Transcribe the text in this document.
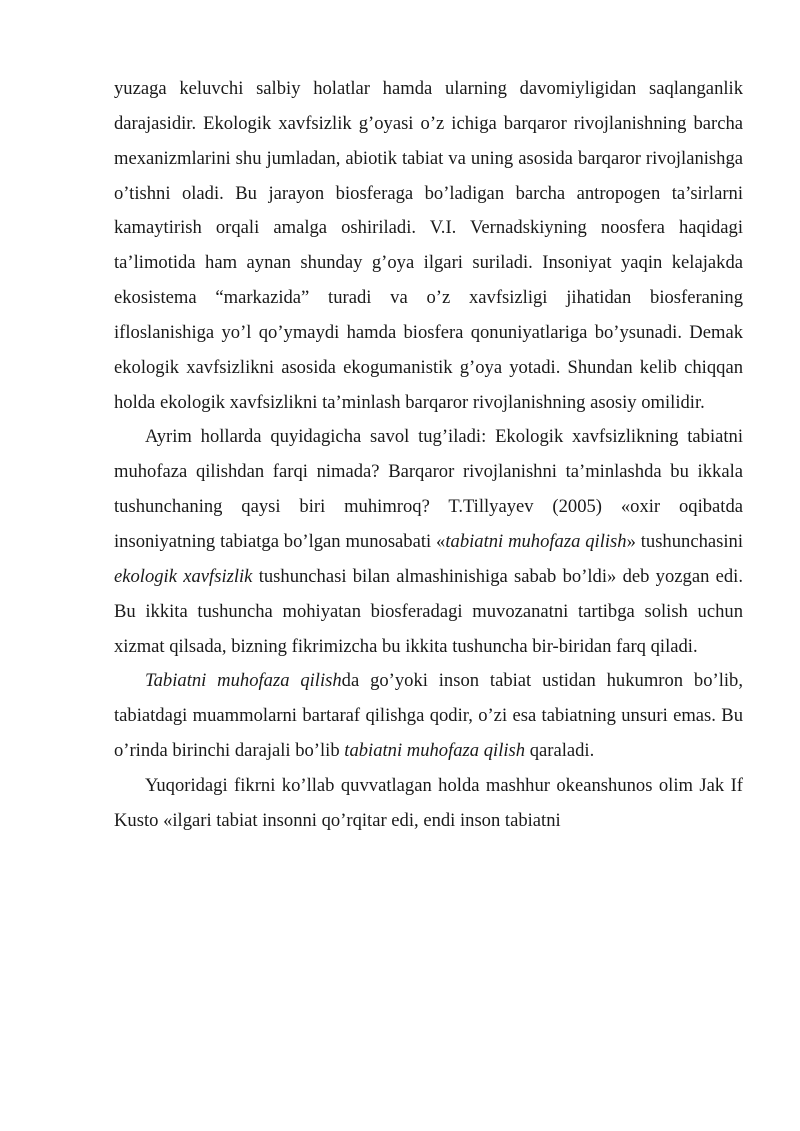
yuzaga keluvchi salbiy holatlar hamda ularning davomiyligidan saqlanganlik darajasidir. Ekologik xavfsizlik g’oyasi o’z ichiga barqaror rivojlanishning barcha mexanizmlarini shu jumladan, abiotik tabiat va uning asosida barqaror rivojlanishga o’tishni oladi. Bu jarayon biosferaga bo’ladigan barcha antropogen ta’sirlarni kamaytirish orqali amalga oshiriladi. V.I. Vernadskiyning noosfera haqidagi ta’limotida ham aynan shunday g’oya ilgari suriladi. Insoniyat yaqin kelajakda ekosistema “markazida” turadi va o’z xavfsizligi jihatidan biosferaning ifloslanishiga yo’l qo’ymaydi hamda biosfera qonuniyatlariga bo’ysunadi. Demak ekologik xavfsizlikni asosida ekogumanistik g’oya yotadi. Shundan kelib chiqqan holda ekologik xavfsizlikni ta’minlash barqaror rivojlanishning asosiy omilidir.

Ayrim hollarda quyidagicha savol tug’iladi: Ekologik xavfsizlikning tabiatni muhofaza qilishdan farqi nimada? Barqaror rivojlanishni ta’minlashda bu ikkala tushunchaning qaysi biri muhimroq? T.Tillyayev (2005) «oxir oqibatda insoniyatning tabiatga bo’lgan munosabati «tabiatni muhofaza qilish» tushunchasini ekologik xavfsizlik tushunchasi bilan almashinishiga sabab bo’ldi» deb yozgan edi. Bu ikkita tushuncha mohiyatan biosferadagi muvozanatni tartibga solish uchun xizmat qilsada, bizning fikrimizcha bu ikkita tushuncha bir-biridan farq qiladi.

Tabiatni muhofaza qilishda go’yoki inson tabiat ustidan hukumron bo’lib, tabiatdagi muammolarni bartaraf qilishga qodir, o’zi esa tabiatning unsuri emas. Bu o’rinda birinchi darajali bo’lib tabiatni muhofaza qilish qaraladi.

Yuqoridagi fikrni ko’llab quvvatlagan holda mashhur okeanshunos olim Jak If Kusto «ilgari tabiat insonni qo’rqitar edi, endi inson tabiatni
